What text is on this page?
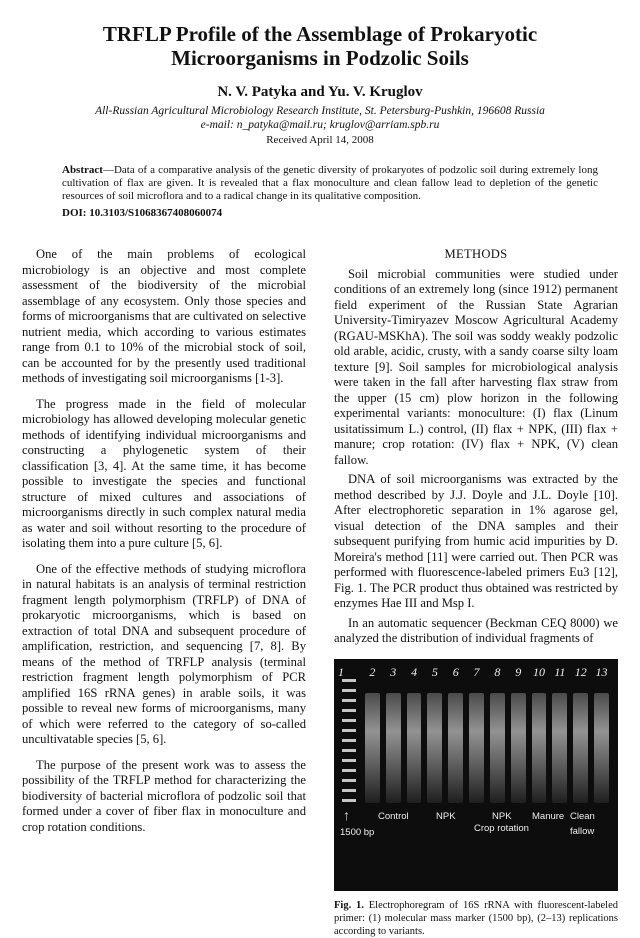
TRFLP Profile of the Assemblage of Prokaryotic
Microorganisms in Podzolic Soils
N. V. Patyka and Yu. V. Kruglov
All-Russian Agricultural Microbiology Research Institute, St. Petersburg-Pushkin, 196608 Russia
e-mail: n_patyka@mail.ru; kruglov@arriam.spb.ru
Received April 14, 2008
Abstract—Data of a comparative analysis of the genetic diversity of prokaryotes of podzolic soil during extremely long cultivation of flax are given. It is revealed that a flax monoculture and clean fallow lead to depletion of the genetic resources of soil microflora and to a radical change in its qualitative composition.
DOI: 10.3103/S1068367408060074

One of the main problems of ecological microbiology is an objective and most complete assessment of the biodiversity of the microbial assemblage of any ecosystem. Only those species and forms of microorganisms that are cultivated on selective nutrient media, which according to various estimates range from 0.1 to 10% of the microbial stock of soil, can be accounted for by the presently used traditional methods of investigating soil microorganisms [1-3].

The progress made in the field of molecular microbiology has allowed developing molecular genetic methods of identifying individual microorganisms and constructing a phylogenetic system of their classification [3, 4]. At the same time, it has become possible to investigate the species and functional structure of mixed cultures and associations of microorganisms directly in such complex natural media as water and soil without resorting to the procedure of isolating them into a pure culture [5, 6].

One of the effective methods of studying microflora in natural habitats is an analysis of terminal restriction fragment length polymorphism (TRFLP) of DNA of prokaryotic microorganisms, which is based on extraction of total DNA and subsequent procedure of amplification, restriction, and sequencing [7, 8]. By means of the method of TRFLP analysis (terminal restriction fragment length polymorphism of PCR amplified 16S rRNA genes) in arable soils, it was possible to reveal new forms of microorganisms, many of which were referred to the category of so-called uncultivatable species [5, 6].

The purpose of the present work was to assess the possibility of the TRFLP method for characterizing the biodiversity of bacterial microflora of podzolic soil that formed under a cover of fiber flax in monoculture and crop rotation conditions.

METHODS

Soil microbial communities were studied under conditions of an extremely long (since 1912) permanent field experiment of the Russian State Agrarian University-Timiryazev Moscow Agricultural Academy (RGAU-MSKhA). The soil was soddy weakly podzolic old arable, acidic, crusty, with a sandy coarse silty loam texture [9]. Soil samples for microbiological analysis were taken in the fall after harvesting flax straw from the upper (15 cm) plow horizon in the following experimental variants: monoculture: (I) flax (Linum usitatissimum L.) control, (II) flax + NPK, (III) flax + manure; crop rotation: (IV) flax + NPK, (V) clean fallow.

DNA of soil microorganisms was extracted by the method described by J.J. Doyle and J.L. Doyle [10]. After electrophoretic separation in 1% agarose gel, visual detection of the DNA samples and their subsequent purifying from humic acid impurities by D. Moreira's method [11] were carried out. Then PCR was performed with fluorescence-labeled primers Eu3 [12], Fig. 1. The PCR product thus obtained was restricted by enzymes Hae III and Msp I.

In an automatic sequencer (Beckman CEQ 8000) we analyzed the distribution of individual fragments of

2	3	4	5	6	7	8	9 10 11 12 13
1
↑	Control	NPK	NPK
Crop rotation
Manure Clean fallow
1500 bp
Fig. 1. Electrophoregram of 16S rRNA with fluorescent-labeled primer: (1) molecular mass marker (1500 bp), (2–13) replications according to variants.
